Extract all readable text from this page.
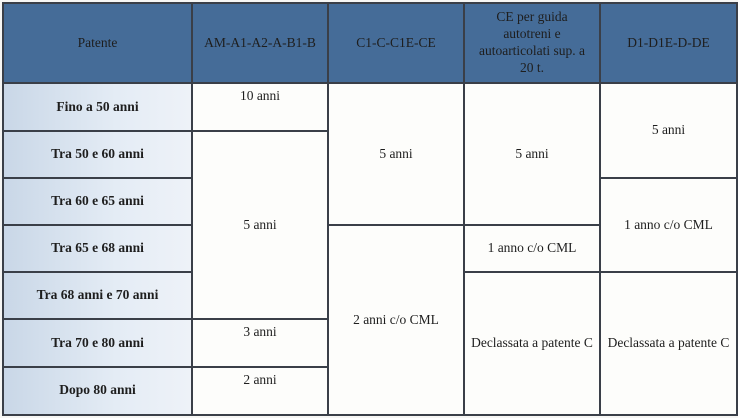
Patente	AM-A1-A2-A-B1-B	C1-C-C1E-CE	CE per guida autotreni e autoarticolati sup. a 20 t.	D1-D1E-D-DE
Fino a 50 anni	10 anni	5 anni	5 anni	5 anni
Tra 50 e 60 anni	5 anni			
Tra 60 e 65 anni				1 anno c/o CML
Tra 65 e 68 anni		2 anni c/o CML	1 anno c/o CML	
Tra 68 anni e 70 anni			Declassata a patente C	Declassata a patente C
Tra 70 e 80 anni	3 anni			
Dopo 80 anni	2 anni			
